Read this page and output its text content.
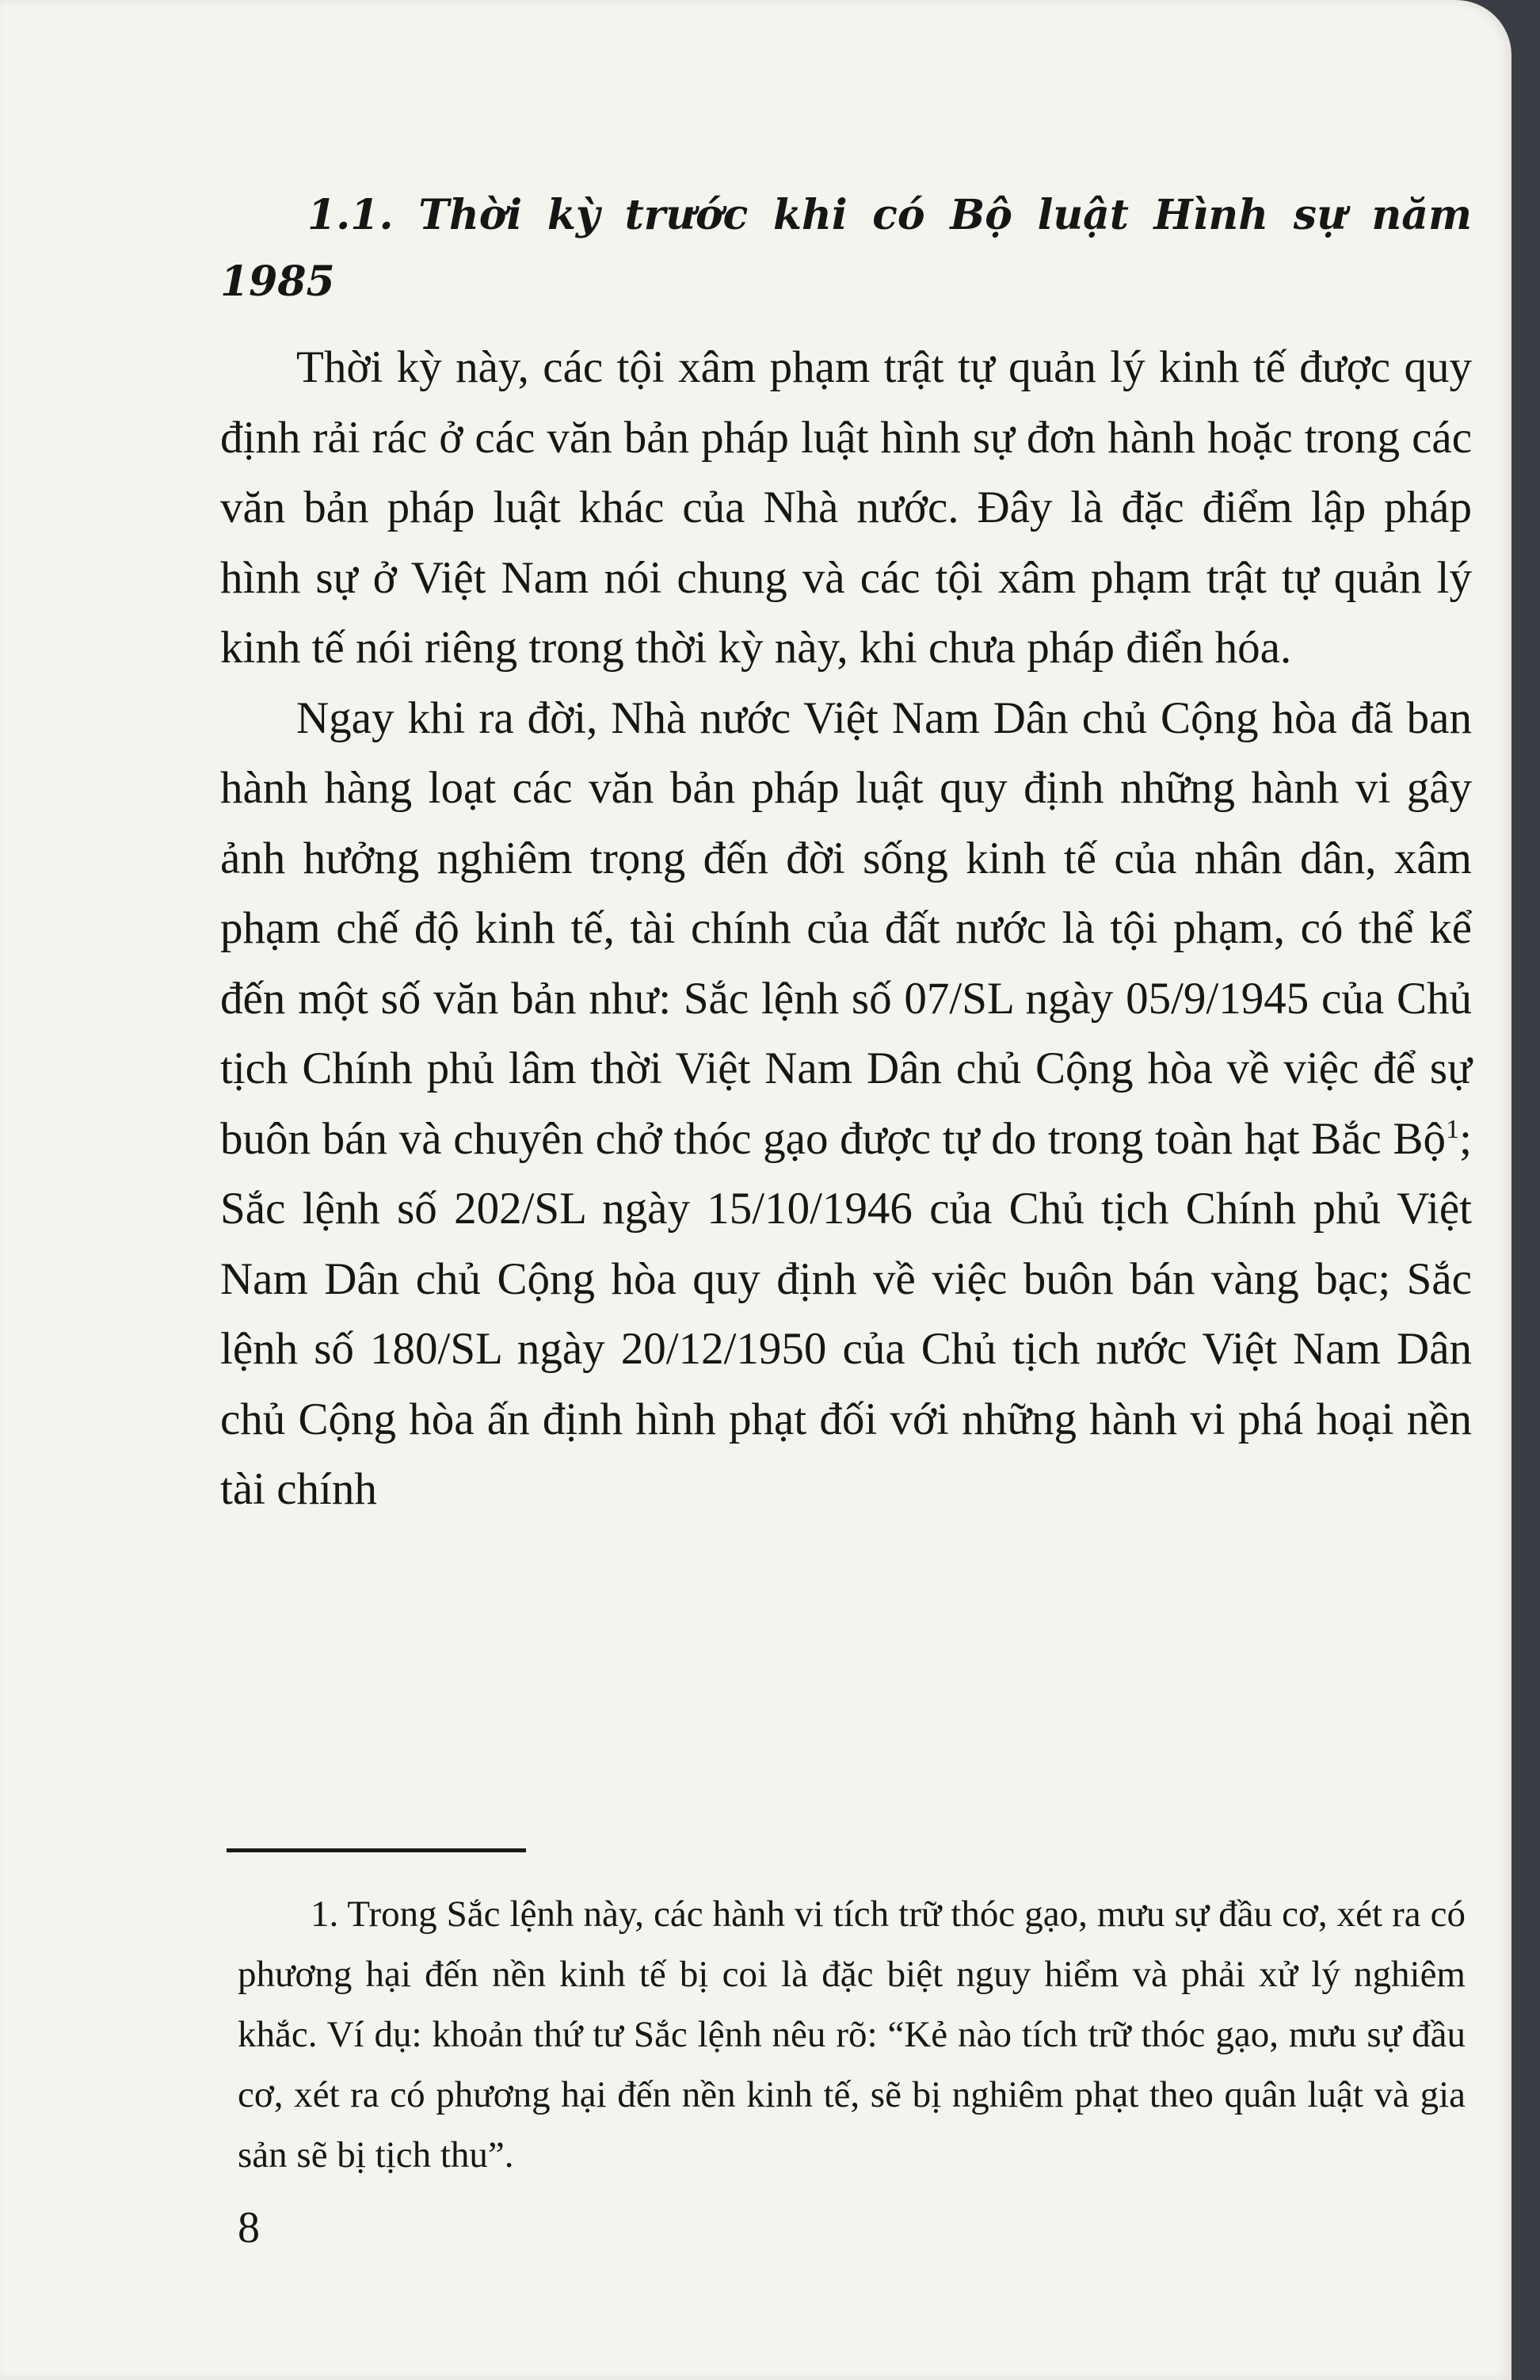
1.1. Thời kỳ trước khi có Bộ luật Hình sự năm 1985

Thời kỳ này, các tội xâm phạm trật tự quản lý kinh tế được quy định rải rác ở các văn bản pháp luật hình sự đơn hành hoặc trong các văn bản pháp luật khác của Nhà nước. Đây là đặc điểm lập pháp hình sự ở Việt Nam nói chung và các tội xâm phạm trật tự quản lý kinh tế nói riêng trong thời kỳ này, khi chưa pháp điển hóa.

Ngay khi ra đời, Nhà nước Việt Nam Dân chủ Cộng hòa đã ban hành hàng loạt các văn bản pháp luật quy định những hành vi gây ảnh hưởng nghiêm trọng đến đời sống kinh tế của nhân dân, xâm phạm chế độ kinh tế, tài chính của đất nước là tội phạm, có thể kể đến một số văn bản như: Sắc lệnh số 07/SL ngày 05/9/1945 của Chủ tịch Chính phủ lâm thời Việt Nam Dân chủ Cộng hòa về việc để sự buôn bán và chuyên chở thóc gạo được tự do trong toàn hạt Bắc Bộ$^1$; Sắc lệnh số 202/SL ngày 15/10/1946 của Chủ tịch Chính phủ Việt Nam Dân chủ Cộng hòa quy định về việc buôn bán vàng bạc; Sắc lệnh số 180/SL ngày 20/12/1950 của Chủ tịch nước Việt Nam Dân chủ Cộng hòa ấn định hình phạt đối với những hành vi phá hoại nền tài chính

1. Trong Sắc lệnh này, các hành vi tích trữ thóc gạo, mưu sự đầu cơ, xét ra có phương hại đến nền kinh tế bị coi là đặc biệt nguy hiểm và phải xử lý nghiêm khắc. Ví dụ: khoản thứ tư Sắc lệnh nêu rõ: “Kẻ nào tích trữ thóc gạo, mưu sự đầu cơ, xét ra có phương hại đến nền kinh tế, sẽ bị nghiêm phạt theo quân luật và gia sản sẽ bị tịch thu”.

8
